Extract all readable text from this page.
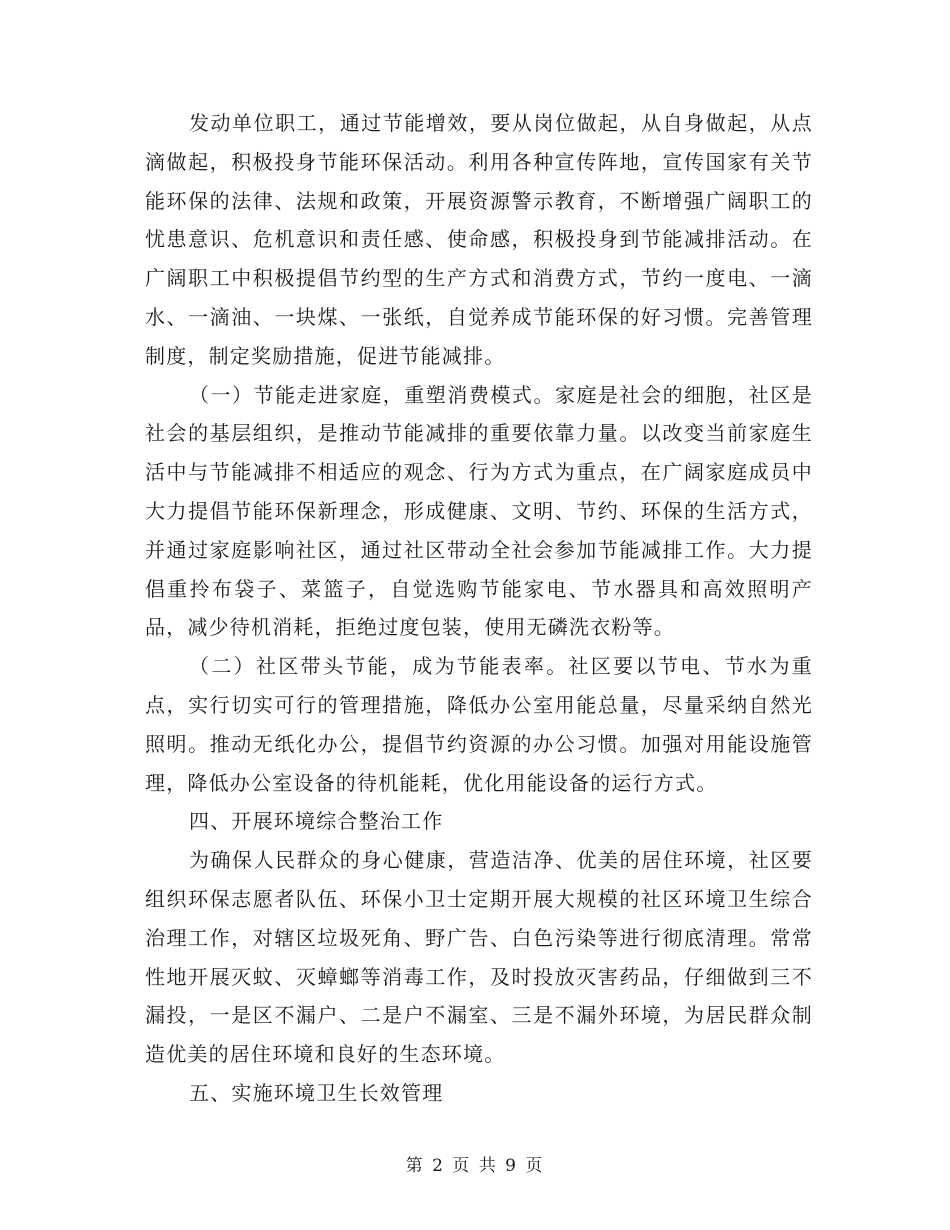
发动单位职工，通过节能增效，要从岗位做起，从自身做起，从点滴做起，积极投身节能环保活动。利用各种宣传阵地，宣传国家有关节能环保的法律、法规和政策，开展资源警示教育，不断增强广阔职工的忧患意识、危机意识和责任感、使命感，积极投身到节能减排活动。在广阔职工中积极提倡节约型的生产方式和消费方式，节约一度电、一滴水、一滴油、一块煤、一张纸，自觉养成节能环保的好习惯。完善管理制度，制定奖励措施，促进节能减排。

（一）节能走进家庭，重塑消费模式。家庭是社会的细胞，社区是社会的基层组织，是推动节能减排的重要依靠力量。以改变当前家庭生活中与节能减排不相适应的观念、行为方式为重点，在广阔家庭成员中大力提倡节能环保新理念，形成健康、文明、节约、环保的生活方式，并通过家庭影响社区，通过社区带动全社会参加节能减排工作。大力提倡重拎布袋子、菜篮子，自觉选购节能家电、节水器具和高效照明产品，减少待机消耗，拒绝过度包装，使用无磷洗衣粉等。

（二）社区带头节能，成为节能表率。社区要以节电、节水为重点，实行切实可行的管理措施，降低办公室用能总量，尽量采纳自然光照明。推动无纸化办公，提倡节约资源的办公习惯。加强对用能设施管理，降低办公室设备的待机能耗，优化用能设备的运行方式。

四、开展环境综合整治工作

为确保人民群众的身心健康，营造洁净、优美的居住环境，社区要组织环保志愿者队伍、环保小卫士定期开展大规模的社区环境卫生综合治理工作，对辖区垃圾死角、野广告、白色污染等进行彻底清理。常常性地开展灭蚊、灭蟑螂等消毒工作，及时投放灭害药品，仔细做到三不漏投，一是区不漏户、二是户不漏室、三是不漏外环境，为居民群众制造优美的居住环境和良好的生态环境。

五、实施环境卫生长效管理

第 2 页 共 9 页
